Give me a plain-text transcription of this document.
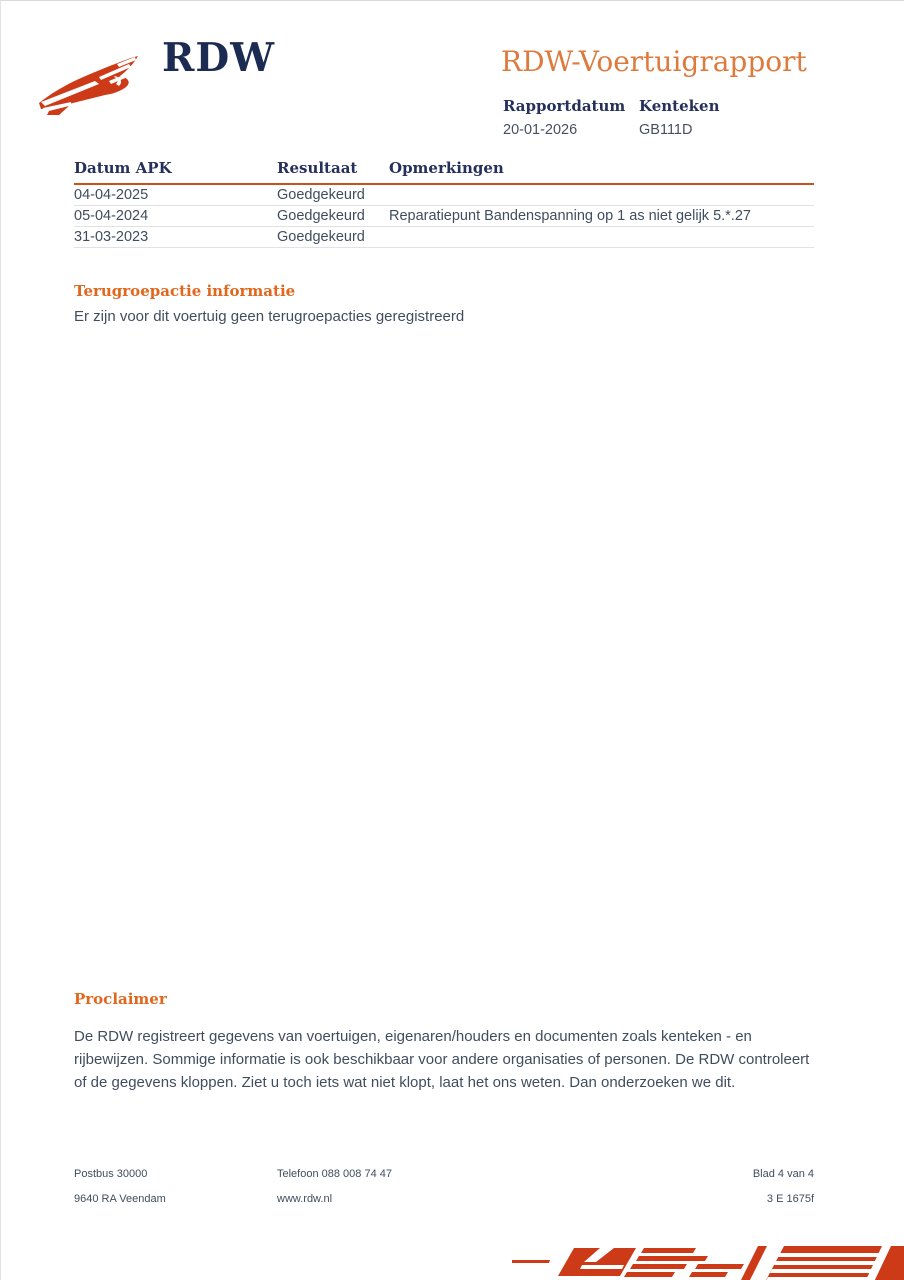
RDW	RDW-Voertuigrapport
Rapportdatum Kenteken
20-01-2026	GB111D
Datum APK	Resultaat	Opmerkingen
04-04-2025	Goedgekeurd
05-04-2024	Goedgekeurd	Reparatiepunt Bandenspanning op 1 as niet gelijk 5.*.27
31-03-2023	Goedgekeurd
Terugroepactie informatie
Er zijn voor dit voertuig geen terugroepacties geregistreerd
Proclaimer
De RDW registreert gegevens van voertuigen, eigenaren/houders en documenten zoals kenteken - en rijbewijzen. Sommige informatie is ook beschikbaar voor andere organisaties of personen. De RDW controleert of de gegevens kloppen. Ziet u toch iets wat niet klopt, laat het ons weten. Dan onderzoeken we dit.
Postbus 30000	Telefoon 088 008 74 47	Blad 4 van 4
9640 RA Veendam	www.rdw.nl	3 E 1675f
